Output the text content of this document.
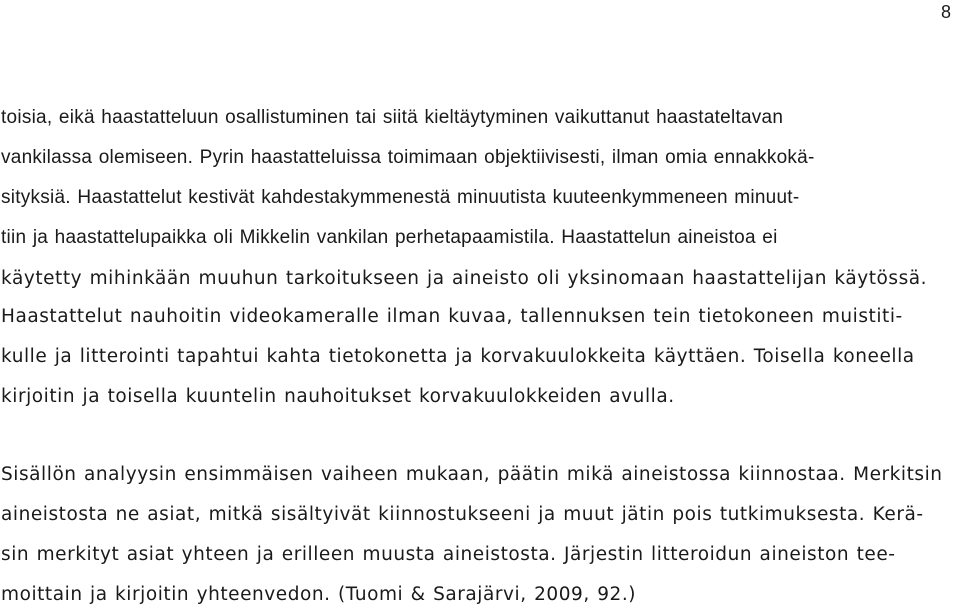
8
toisia, eikä haastatteluun osallistuminen tai siitä kieltäytyminen vaikuttanut haastateltavan
vankilassa olemiseen. Pyrin haastatteluissa toimimaan objektiivisesti, ilman omia ennakkokä-
sityksiä. Haastattelut kestivät kahdestakymmenestä minuutista kuuteenkymmeneen minuut-
tiin ja haastattelupaikka oli Mikkelin vankilan perhetapaamistila. Haastattelun aineistoa ei
käytetty mihinkään muuhun tarkoitukseen ja aineisto oli yksinomaan haastattelijan käytössä.
Haastattelut nauhoitin videokameralle ilman kuvaa, tallennuksen tein tietokoneen muistiti-
kulle ja litterointi tapahtui kahta tietokonetta ja korvakuulokkeita käyttäen. Toisella koneella
kirjoitin ja toisella kuuntelin nauhoitukset korvakuulokkeiden avulla.
Sisällön analyysin ensimmäisen vaiheen mukaan, päätin mikä aineistossa kiinnostaa. Merkitsin
aineistosta ne asiat, mitkä sisältyivät kiinnostukseeni ja muut jätin pois tutkimuksesta. Kerä-
sin merkityt asiat yhteen ja erilleen muusta aineistosta. Järjestin litteroidun aineiston tee-
moittain ja kirjoitin yhteenvedon. (Tuomi & Sarajärvi, 2009, 92.)
